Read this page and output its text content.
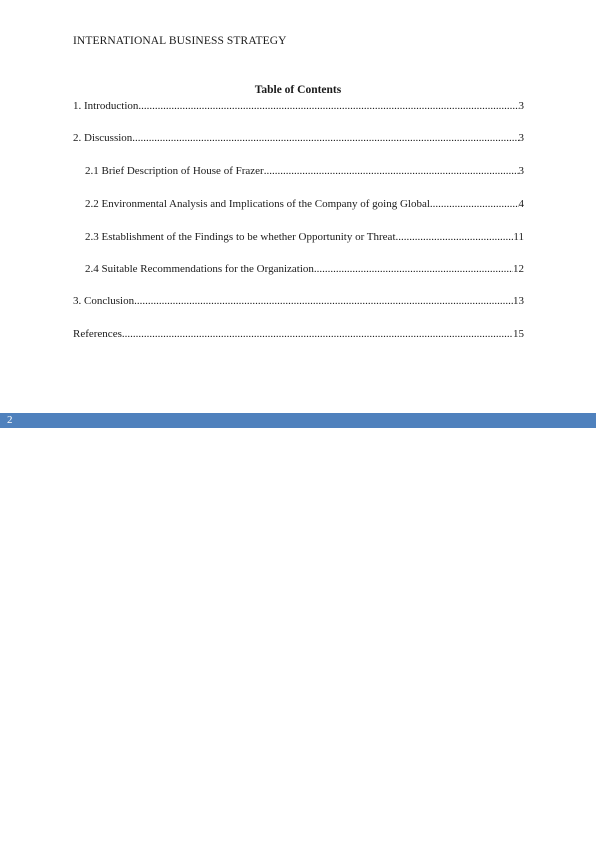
INTERNATIONAL BUSINESS STRATEGY
Table of Contents
1. Introduction .....	3
2. Discussion .....	3
2.1 Brief Description of House of Frazer .....	3
2.2 Environmental Analysis and Implications of the Company of going Global .....	4
2.3 Establishment of the Findings to be whether Opportunity or Threat .....	11
2.4 Suitable Recommendations for the Organization .....	12
3. Conclusion .....	13
References .....	15
2
